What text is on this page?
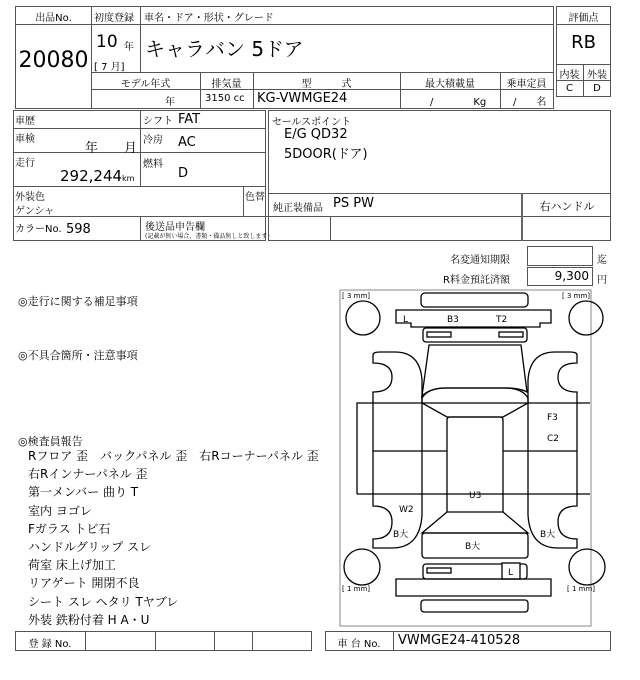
出品No.
20080
初度登録 車名・ドア・形状・グレード
10 年
[ 7 月]
キャラバン 5ドア
モデル年式	排気量	型　　　式	最大積載量	乗車定員
年	3150 cc KG-VWMGE24	/　　　　Kg	/　　名
評価点
RB
内装 外装
C	D
車歴
車検
年　　月
走行
292,244km
シフト FAT
冷房 AC
燃料
D
外装色
ゲンシャ
色替
カラーNo. 598	後送品申告欄
(記載が無い場合、書類・備品無しと致します)
セールスポイント
E/G QD32
5DOOR(ドア)
純正装備品 PS PW	右ハンドル
名変通知期限	迄
R料金預託済額	9,300 円
◎走行に関する補足事項
◎不具合箇所・注意事項
◎検査員報告
Rフロア 歪　バックパネル 歪　右Rコーナーパネル 歪
右Rインナーパネル 歪
第一メンバー 曲り T
室内 ヨゴレ
Fガラス トビ石
ハンドルグリップ スレ
荷室 床上げ加工
リアゲート 開閉不良
シート スレ ヘタリ Tヤブレ
外装 鉄粉付着 H A・U
[ 3 mm]	[ 3 mm]
[ 1 mm]	[ 1 mm]
L	B3	T2
F3
C2
U3
W2
B大
B大
B大
L
登 録 No.	車 台 No.	VWMGE24-410528
